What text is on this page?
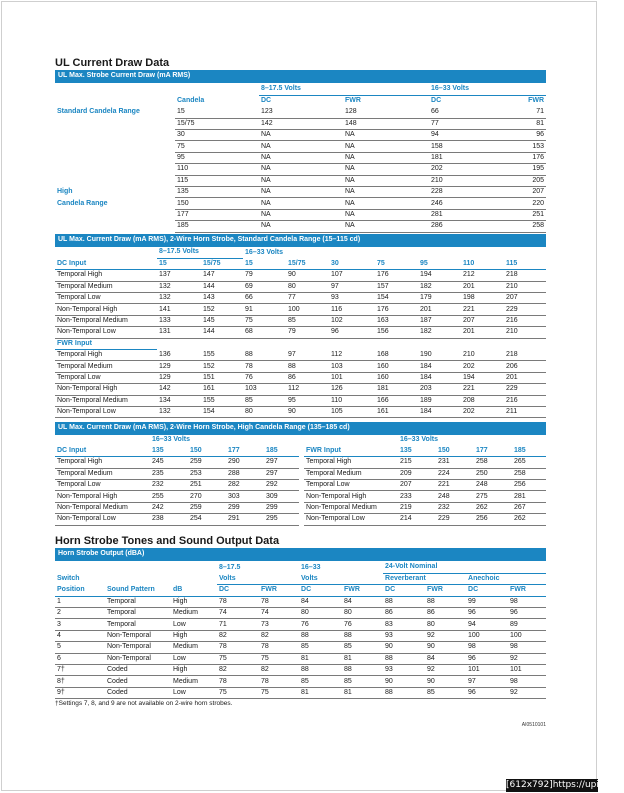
UL Current Draw Data
UL Max. Strobe Current Draw (mA RMS)
		8–17.5 Volts		16–33 Volts	
	Candela	DC	FWR	DC	FWR
Standard Candela Range	15	123	128	66	71
	15/75	142	148	77	81
	30	NA	NA	94	96
	75	NA	NA	158	153
	95	NA	NA	181	176
	110	NA	NA	202	195
	115	NA	NA	210	205
High	135	NA	NA	228	207
Candela Range	150	NA	NA	246	220
	177	NA	NA	281	251
	185	NA	NA	286	258
UL Max. Current Draw (mA RMS), 2-Wire Horn Strobe, Standard Candela Range (15–115 cd)
	8–17.5 Volts		16–33 Volts						
DC Input	15	15/75	15	15/75	30	75	95	110	115
Temporal High	137	147	79	90	107	176	194	212	218
Temporal Medium	132	144	69	80	97	157	182	201	210
Temporal Low	132	143	66	77	93	154	179	198	207
Non-Temporal High	141	152	91	100	116	176	201	221	229
Non-Temporal Medium	133	145	75	85	102	163	187	207	216
Non-Temporal Low	131	144	68	79	96	156	182	201	210
FWR Input									
Temporal High	136	155	88	97	112	168	190	210	218
Temporal Medium	129	152	78	88	103	160	184	202	206
Temporal Low	129	151	76	86	101	160	184	194	201
Non-Temporal High	142	161	103	112	126	181	203	221	229
Non-Temporal Medium	134	155	85	95	110	166	189	208	216
Non-Temporal Low	132	154	80	90	105	161	184	202	211
UL Max. Current Draw (mA RMS), 2-Wire Horn Strobe, High Candela Range (135–185 cd)
	16–33 Volts			
DC Input	135	150	177	185
Temporal High	245	259	290	297
Temporal Medium	235	253	288	297
Temporal Low	232	251	282	292
Non-Temporal High	255	270	303	309
Non-Temporal Medium	242	259	299	299
Non-Temporal Low	238	254	291	295
	16–33 Volts			
FWR Input	135	150	177	185
Temporal High	215	231	258	265
Temporal Medium	209	224	250	258
Temporal Low	207	221	248	256
Non-Temporal High	233	248	275	281
Non-Temporal Medium	219	232	262	267
Non-Temporal Low	214	229	256	262
Horn Strobe Tones and Sound Output Data
Horn Strobe Output (dBA)
			8–17.5		16–33		24-Volt Nominal			
Switch			Volts		Volts		Reverberant		Anechoic	
Position	Sound Pattern	dB	DC	FWR	DC	FWR	DC	FWR	DC	FWR
1	Temporal	High	78	78	84	84	88	88	99	98
2	Temporal	Medium	74	74	80	80	86	86	96	96
3	Temporal	Low	71	73	76	76	83	80	94	89
4	Non-Temporal	High	82	82	88	88	93	92	100	100
5	Non-Temporal	Medium	78	78	85	85	90	90	98	98
6	Non-Temporal	Low	75	75	81	81	88	84	96	92
7†	Coded	High	82	82	88	88	93	92	101	101
8†	Coded	Medium	78	78	85	85	90	90	97	98
9†	Coded	Low	75	75	81	81	88	85	96	92
†Settings 7, 8, and 9 are not available on 2-wire horn strobes.
AI0510101
[612x792]https://upic.me/
